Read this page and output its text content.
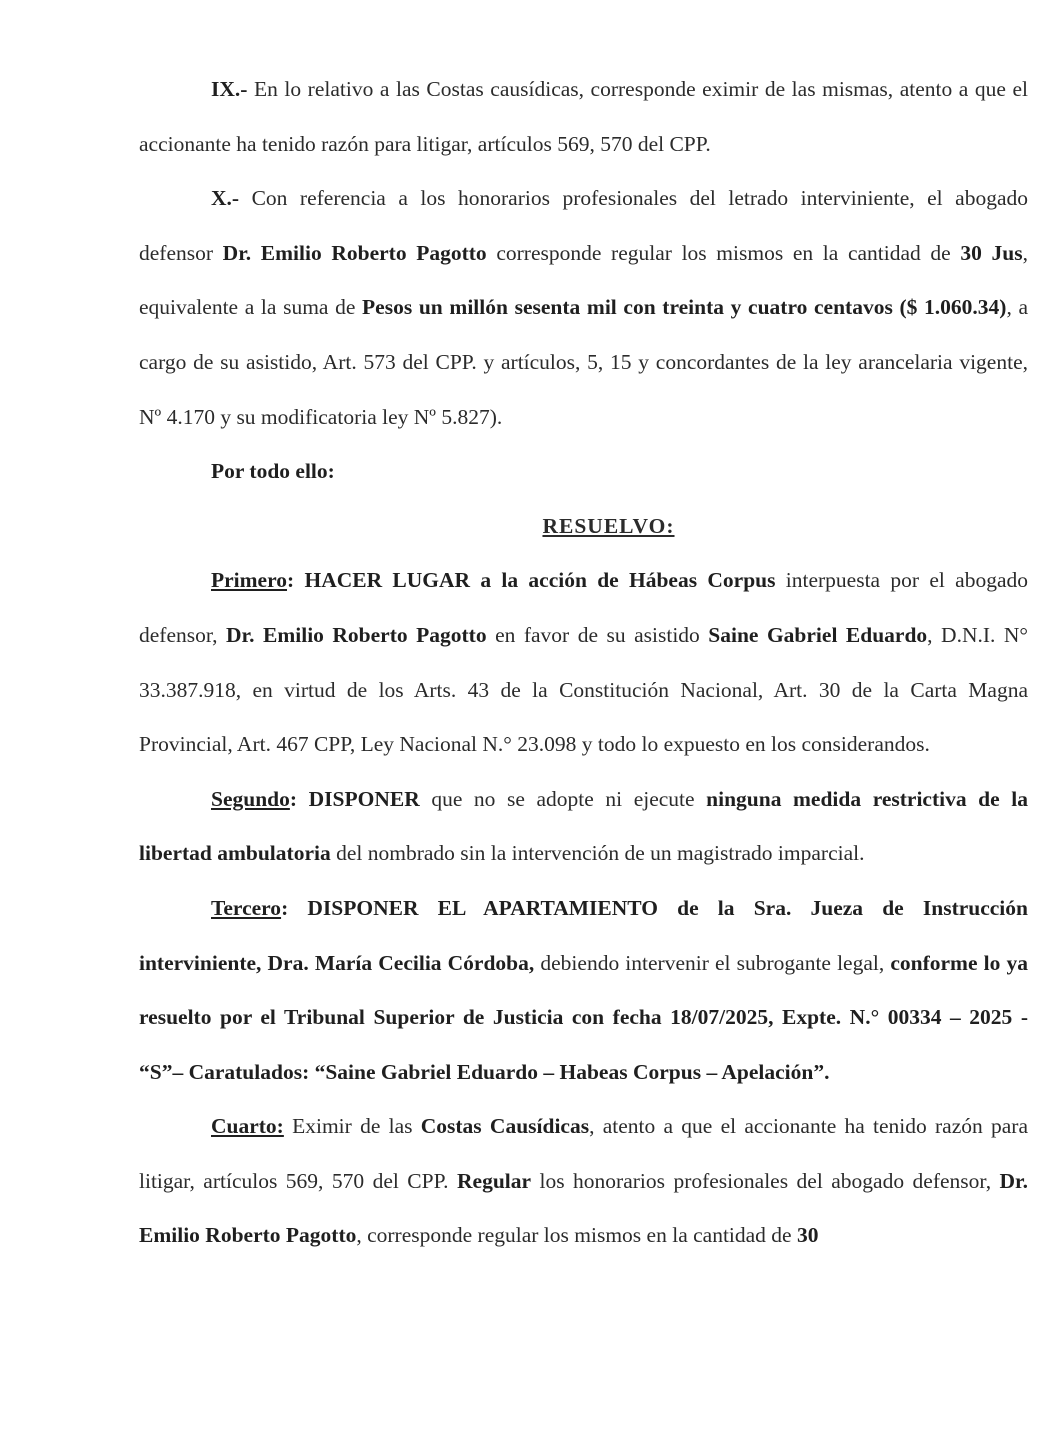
IX.- En lo relativo a las Costas causídicas, corresponde eximir de las mismas, atento a que el accionante ha tenido razón para litigar, artículos 569, 570 del CPP.

X.- Con referencia a los honorarios profesionales del letrado interviniente, el abogado defensor Dr. Emilio Roberto Pagotto corresponde regular los mismos en la cantidad de 30 Jus, equivalente a la suma de Pesos un millón sesenta mil con treinta y cuatro centavos ($ 1.060.34), a cargo de su asistido, Art. 573 del CPP. y artículos, 5, 15 y concordantes de la ley arancelaria vigente, Nº 4.170 y su modificatoria ley Nº 5.827).

Por todo ello:

RESUELVO:

Primero: HACER LUGAR a la acción de Hábeas Corpus interpuesta por el abogado defensor, Dr. Emilio Roberto Pagotto en favor de su asistido Saine Gabriel Eduardo, D.N.I. N° 33.387.918, en virtud de los Arts. 43 de la Constitución Nacional, Art. 30 de la Carta Magna Provincial, Art. 467 CPP, Ley Nacional N.° 23.098 y todo lo expuesto en los considerandos.

Segundo: DISPONER que no se adopte ni ejecute ninguna medida restrictiva de la libertad ambulatoria del nombrado sin la intervención de un magistrado imparcial.

Tercero: DISPONER EL APARTAMIENTO de la Sra. Jueza de Instrucción interviniente, Dra. María Cecilia Córdoba, debiendo intervenir el subrogante legal, conforme lo ya resuelto por el Tribunal Superior de Justicia con fecha 18/07/2025, Expte. N.° 00334 – 2025 - “S”– Caratulados: “Saine Gabriel Eduardo – Habeas Corpus – Apelación”.

Cuarto: Eximir de las Costas Causídicas, atento a que el accionante ha tenido razón para litigar, artículos 569, 570 del CPP. Regular los honorarios profesionales del abogado defensor, Dr. Emilio Roberto Pagotto, corresponde regular los mismos en la cantidad de 30
